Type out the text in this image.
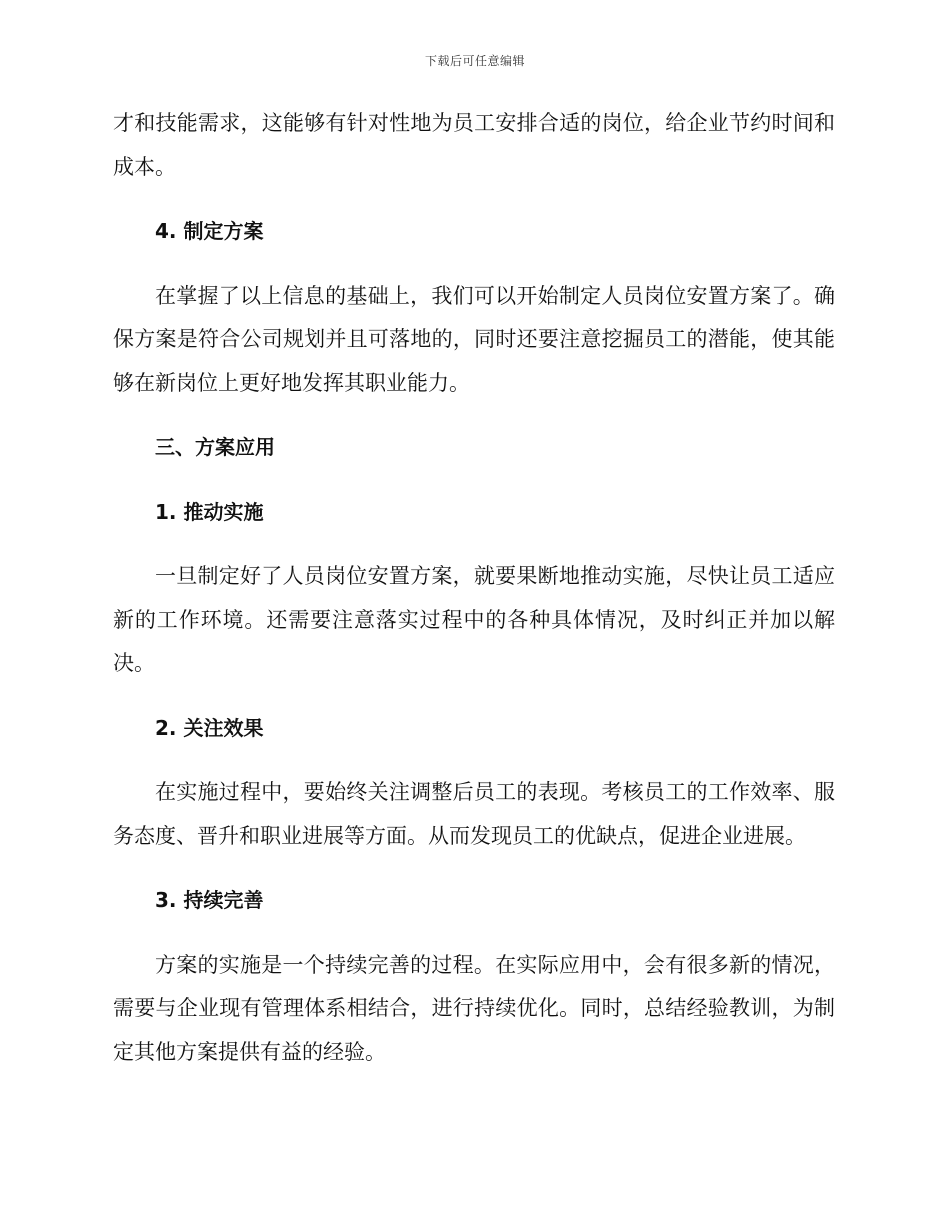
下载后可任意编辑

才和技能需求，这能够有针对性地为员工安排合适的岗位，给企业节约时间和成本。

4. 制定方案

在掌握了以上信息的基础上，我们可以开始制定人员岗位安置方案了。确保方案是符合公司规划并且可落地的，同时还要注意挖掘员工的潜能，使其能够在新岗位上更好地发挥其职业能力。

三、方案应用
1. 推动实施

一旦制定好了人员岗位安置方案，就要果断地推动实施，尽快让员工适应新的工作环境。还需要注意落实过程中的各种具体情况，及时纠正并加以解决。

2. 关注效果

在实施过程中，要始终关注调整后员工的表现。考核员工的工作效率、服务态度、晋升和职业进展等方面。从而发现员工的优缺点，促进企业进展。

3. 持续完善

方案的实施是一个持续完善的过程。在实际应用中，会有很多新的情况，需要与企业现有管理体系相结合，进行持续优化。同时，总结经验教训，为制定其他方案提供有益的经验。
